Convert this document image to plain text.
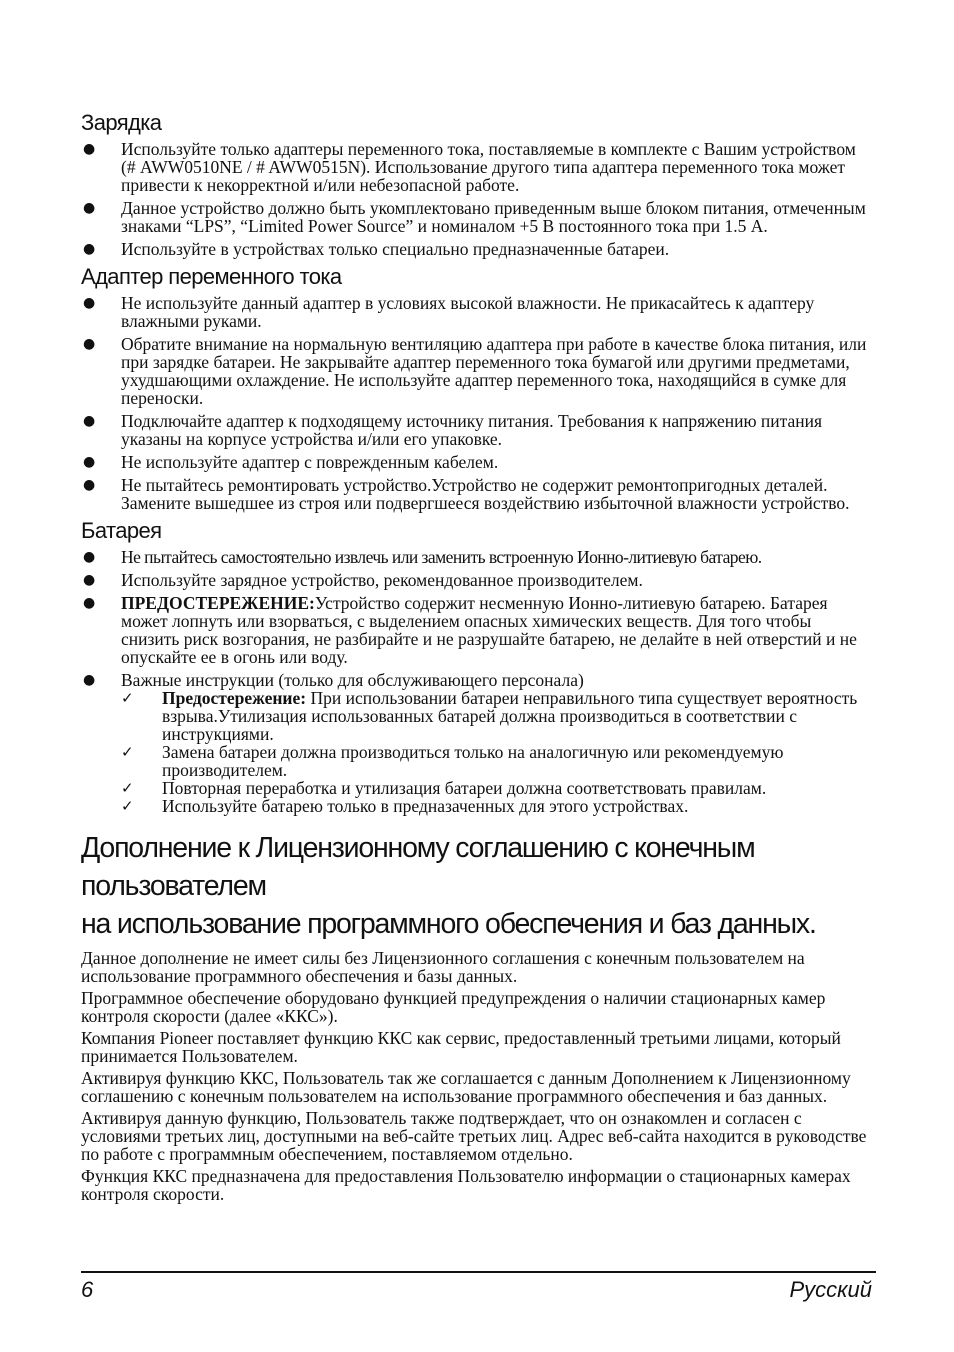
Зарядка
● Используйте только адаптеры переменного тока, поставляемые в комплекте с Вашим устройством (# AWW0510NE / # AWW0515N). Использование другого типа адаптера переменного тока может привести к некорректной и/или небезопасной работе.
● Данное устройство должно быть укомплектовано приведенным выше блоком питания, отмеченным знаками “LPS”, “Limited Power Source” и номиналом +5 В постоянного тока при 1.5 А.
● Используйте в устройствах только специально предназначенные батареи.
Адаптер переменного тока
● Не используйте данный адаптер в условиях высокой влажности. Не прикасайтесь к адаптеру влажными руками.
● Обратите внимание на нормальную вентиляцию адаптера при работе в качестве блока питания, или при зарядке батареи. Не закрывайте адаптер переменного тока бумагой или другими предметами, ухудшающими охлаждение. Не используйте адаптер переменного тока, находящийся в сумке для переноски.
● Подключайте адаптер к подходящему источнику питания. Требования к напряжению питания указаны на корпусе устройства и/или его упаковке.
● Не используйте адаптер с поврежденным кабелем.
● Не пытайтесь ремонтировать устройство.Устройство не содержит ремонтопригодных деталей. Замените вышедшее из строя или подвергшееся воздействию избыточной влажности устройство.
Батарея
● Не пытайтесь самостоятельно извлечь или заменить встроенную Ионно-литиевую батарею.
● Используйте зарядное устройство, рекомендованное производителем.
● ПРЕДОСТЕРЕЖЕНИЕ:Устройство содержит несменную Ионно-литиевую батарею. Батарея может лопнуть или взорваться, с выделением опасных химических веществ. Для того чтобы снизить риск возгорания, не разбирайте и не разрушайте батарею, не делайте в ней отверстий и не опускайте ее в огонь или воду.
● Важные инструкции (только для обслуживающего персонала)
✓ Предостережение: При использовании батареи неправильного типа существует вероятность взрыва.Утилизация использованных батарей должна производиться в соответствии с инструкциями.
✓ Замена батареи должна производиться только на аналогичную или рекомендуемую производителем.
✓ Повторная переработка и утилизация батареи должна соответствовать правилам.
✓ Используйте батарею только в предназаченных для этого устройствах.
Дополнение к Лицензионному соглашению с конечным пользователем
на использование программного обеспечения и баз данных.

Данное дополнение не имеет силы без Лицензионного соглашения с конечным пользователем на использование программного обеспечения и базы данных.

Программное обеспечение оборудовано функцией предупреждения о наличии стационарных камер контроля скорости (далее «ККС»).

Компания Pioneer поставляет функцию ККС как сервис, предоставленный третьими лицами, который принимается Пользователем.

Активируя функцию ККС, Пользователь так же соглашается с данным Дополнением к Лицензионному соглашению с конечным пользователем на использование программного обеспечения и баз данных.

Активируя данную функцию, Пользователь также подтверждает, что он ознакомлен и согласен с условиями третьих лиц, доступными на веб-сайте третьих лиц. Адрес веб-сайта находится в руководстве по работе с программным обеспечением, поставляемом отдельно.

Функция ККС предназначена для предоставления Пользователю информации о стационарных камерах контроля скорости.

6	Русский
